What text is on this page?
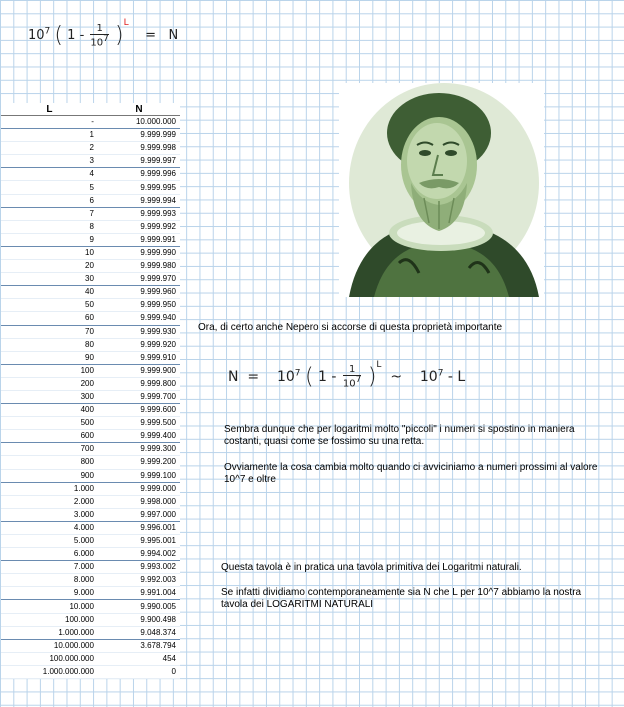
$10^7$ ( $1 - \frac{1}{10^7} )^L$    = N
L	N
-	10.000.000
1	9.999.999
2	9.999.998
3	9.999.997
4	9.999.996
5	9.999.995
6	9.999.994
7	9.999.993
8	9.999.992
9	9.999.991
10	9.999.990
20	9.999.980
30	9.999.970
40	9.999.960
50	9.999.950
60	9.999.940
70	9.999.930
80	9.999.920
90	9.999.910
100	9.999.900
200	9.999.800
300	9.999.700
400	9.999.600
500	9.999.500
600	9.999.400
700	9.999.300
800	9.999.200
900	9.999.100
1.000	9.999.000
2.000	9.998.000
3.000	9.997.000
4.000	9.996.001
5.000	9.995.001
6.000	9.994.002
7.000	9.993.002
8.000	9.992.003
9.000	9.991.004
10.000	9.990.005
100.000	9.900.498
1.000.000	9.048.374
10.000.000	3.678.794
100.000.000	454
1.000.000.000	0
Ora, di certo anche Nepero si accorse di questa proprietà importante
$N = 10^7$ ( $1 - \frac{1}{10^7} )^L$  ~ $10^7$ - L
Sembra dunque che per logaritmi molto "piccoli" i numeri si spostino in maniera costanti, quasi come se fossimo su una retta.
Ovviamente la cosa cambia molto quando ci avviciniamo a numeri prossimi al valore 10^7 e oltre
Questa tavola è in pratica una tavola primitiva dei Logaritmi naturali.
Se infatti dividiamo contemporaneamente sia N che L per 10^7 abbiamo la nostra tavola dei LOGARITMI NATURALI
